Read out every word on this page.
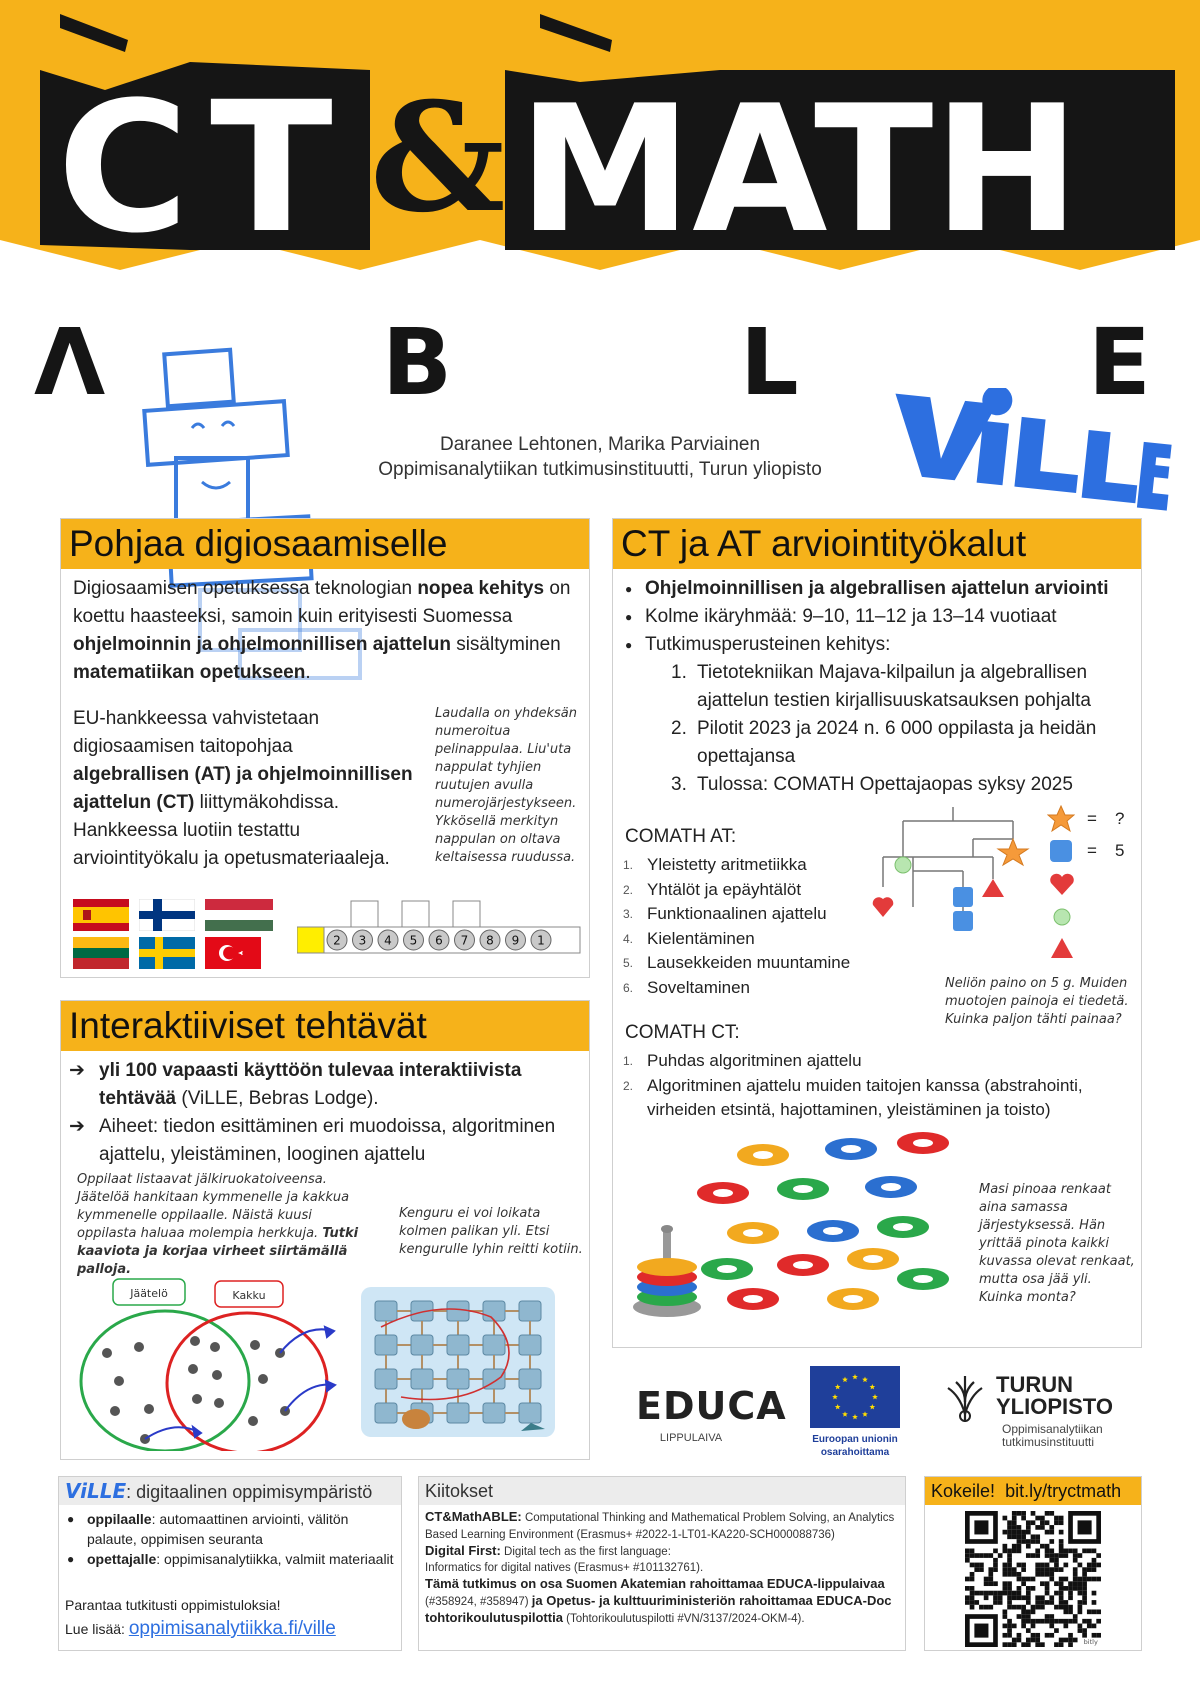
C T & MATH
Λ	B	L	E
Daranee Lehtonen, Marika Parviainen
Oppimisanalytiikan tutkimusinstituutti, Turun yliopisto
Pohjaa digiosaamiselle
Digiosaamisen opetuksessa teknologian nopea kehitys on koettu haasteeksi, samoin kuin erityisesti Suomessa ohjelmoinnin ja ohjelmonnillisen ajattelun sisältyminen matematiikan opetukseen.
EU-hankkeessa vahvistetaan digiosaamisen taitopohjaa algebrallisen (AT) ja ohjelmoinnillisen ajattelun (CT) liittymäkohdissa. Hankkeessa luotiin testattu arviointityökalu ja opetusmateriaaleja.
Laudalla on yhdeksän numeroitua pelinappulaa. Liu'uta nappulat tyhjien ruutujen avulla numerojärjestykseen. Ykkösellä merkityn nappulan on oltava keltaisessa ruudussa.
2 3 4 5 6 7 8 9 1
CT ja AT arviointityökalut
● Ohjelmoinnillisen ja algebrallisen ajattelun arviointi
● Kolme ikäryhmää: 9–10, 11–12 ja 13–14 vuotiaat
● Tutkimusperusteinen kehitys:
1. Tietotekniikan Majava-kilpailun ja algebrallisen ajattelun testien kirjallisuuskatsauksen pohjalta
2. Pilotit 2023 ja 2024 n. 6 000 oppilasta ja heidän opettajansa
3. Tulossa: COMATH Opettajaopas syksy 2025
COMATH AT:
1. Yleistetty aritmetiikka
2. Yhtälöt ja epäyhtälöt
3. Funktionaalinen ajattelu
4. Kielentäminen
5. Lausekkeiden muuntamine
6. Soveltaminen
= ?
= 5
Neliön paino on 5 g. Muiden muotojen painoja ei tiedetä. Kuinka paljon tähti painaa?
COMATH CT:
1. Puhdas algoritminen ajattelu
2. Algoritminen ajattelu muiden taitojen kanssa (abstrahointi, virheiden etsintä, hajottaminen, yleistäminen ja toisto)
Masi pinoaa renkaat aina samassa järjestyksessä. Hän yrittää pinota kaikki kuvassa olevat renkaat, mutta osa jää yli. Kuinka monta?
Interaktiiviset tehtävät
➔ yli 100 vapaasti käyttöön tulevaa interaktiivista tehtävää (ViLLE, Bebras Lodge).
➔ Aiheet: tiedon esittäminen eri muodoissa, algoritminen ajattelu, yleistäminen, looginen ajattelu
Oppilaat listaavat jälkiruokatoiveensa. Jäätelöä hankitaan kymmenelle ja kakkua kymmenelle oppilaalle. Näistä kuusi oppilasta haluaa molempia herkkuja. Tutki kaaviota ja korjaa virheet siirtämällä palloja.
Kenguru ei voi loikata kolmen palikan yli. Etsi kengurulle lyhin reitti kotiin.
Jäätelö	Kakku
EDUCA
LIPPULAIVA	Euroopan unionin
osarahoittama
TURUN
YLIOPISTO
Oppimisanalytiikan
tutkimusinstituutti
ViLLE: digitaalinen oppimisympäristö
● oppilaalle: automaattinen arviointi, välitön palaute, oppimisen seuranta
● opettajalle: oppimisanalytiikka, valmiit materiaalit
Parantaa tutkitusti oppimistuloksia!
Lue lisää: oppimisanalytiikka.fi/ville
Kiitokset
CT&MathABLE: Computational Thinking and Mathematical Problem Solving, an Analytics Based Learning Environment (Erasmus+ #2022-1-LT01-KA220-SCH000088736)
Digital First: Digital tech as the first language:
Informatics for digital natives (Erasmus+ #101132761).
Tämä tutkimus on osa Suomen Akatemian rahoittamaa EDUCA-lippulaivaa (#358924, #358947) ja Opetus- ja kulttuuriministeriön rahoittamaa EDUCA-Doc tohtorikoulutuspilottia (Tohtorikoulutuspilotti #VN/3137/2024-OKM-4).
Kokeile! bit.ly/tryctmath
bitly
